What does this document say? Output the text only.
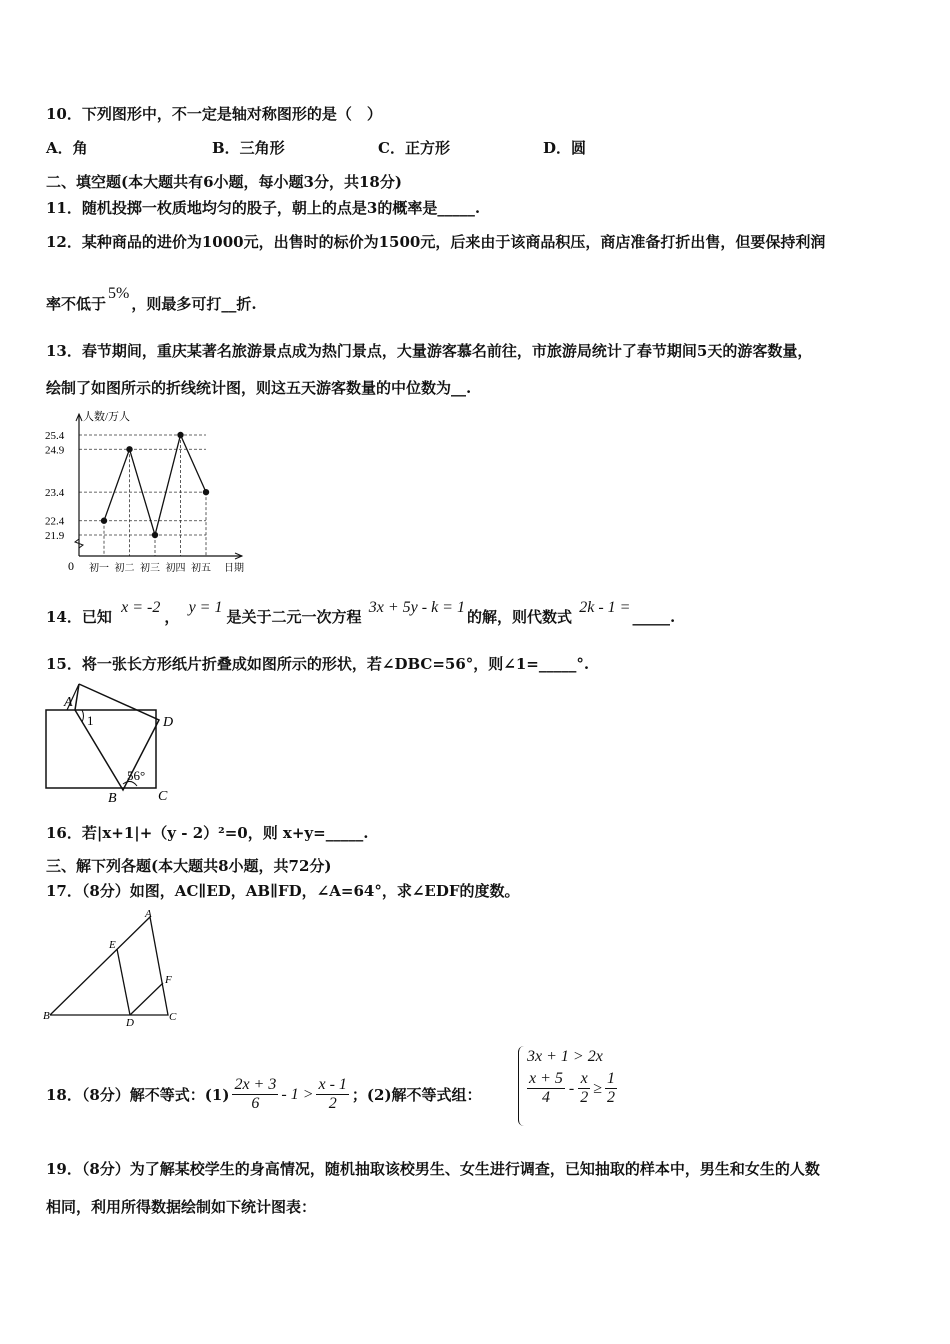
10．下列图形中，不一定是轴对称图形的是（　）
A．角	B．三角形	C．正方形	D．圆
二、填空题(本大题共有6小题，每小题3分，共18分)
11．随机投掷一枚质地均匀的股子，朝上的点是3的概率是_____.
12．某种商品的进价为1000元，出售时的标价为1500元，后来由于该商品积压，商店准备打折出售，但要保持利润
率不低于5%，则最多可打__折.
13．春节期间，重庆某著名旅游景点成为热门景点，大量游客慕名前往，市旅游局统计了春节期间5天的游客数量，
绘制了如图所示的折线统计图，则这五天游客数量的中位数为__.
21.9
22.4
23.4
24.9
25.4
初一 初二 初三 初四 初五
人数/万人
日期
0
14．已知 x = -2， y = 1是关于二元一次方程 3x + 5y - k = 1的解，则代数式 2k - 1 =_____.
15．将一张长方形纸片折叠成如图所示的形状，若∠DBC=56°，则∠1=_____°.
A
1	D
56°
B	C
16．若|x+1|+（y - 2）²=0，则 x+y=_____.
三、解下列各题(本大题共8小题，共72分)
17．（8分）如图，AC∥ED，AB∥FD，∠A=64°，求∠EDF的度数。
A
E
F
B
D	C
18．（8分）解不等式：$(1) \frac{2x + 3}{6} - 1 > \frac{x - 1}{2}$ ；(2)解不等式组：
3x + 1 > 2x
$\frac{x + 5}{4} - \frac{x}{2} \ge \frac{1}{2}$
19．（8分）为了解某校学生的身高情况，随机抽取该校男生、女生进行调查，已知抽取的样本中，男生和女生的人数
相同，利用所得数据绘制如下统计图表：
